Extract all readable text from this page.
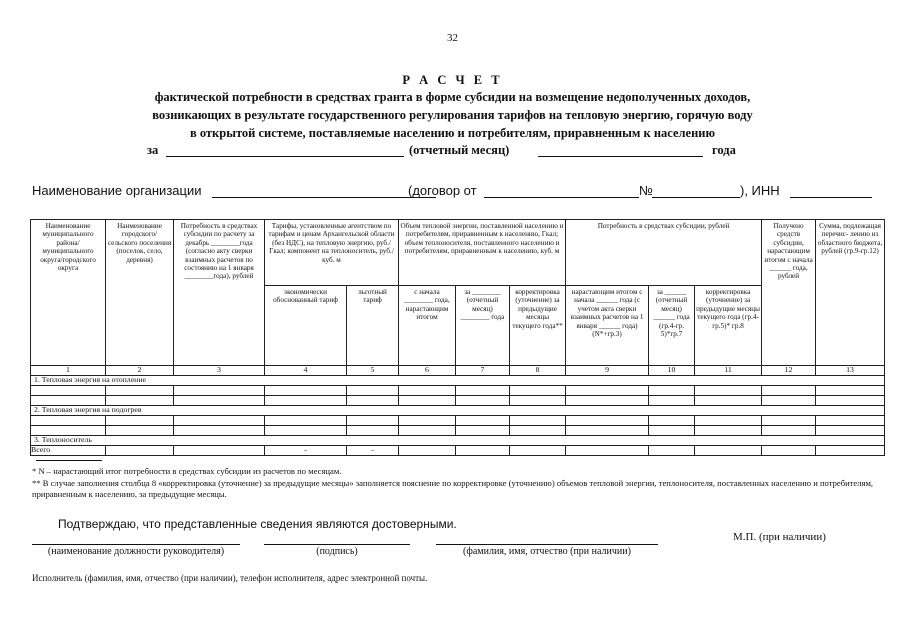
32
Р А С Ч Е Т
фактической потребности в средствах гранта в форме субсидии на возмещение недополученных доходов,
возникающих в результате государственного регулирования тарифов на тепловую энергию, горячую воду
в открытой системе, поставляемые населению и потребителям, приравненным к населению
за	(отчетный месяц)	года
Наименование организации	(договор от	№	), ИНН
Наименование муниципального района/ муниципального округа/городского округа	Наименование городского/ сельского поселения (поселок, село, деревня)	Потребность в средствах субсидии по расчету за декабрь ________года (согласно акту сверки взаимных расчетов по состоянию на 1 января ________года), рублей	Тарифы, установленные агентством по тарифам и ценам Архангельской области (без НДС), на тепловую энергию, руб./Гкал; компонент на теплоноситель, руб./куб. м		Объем тепловой энергии, поставленной населению и потребителям, приравненным к населению, Гкал; объем теплоносителя, поставленного населению и потребителям, приравненным к населению, куб. м			Потребность в средствах субсидии, рублей			Получено средств субсидии, нарастающим итогом с начала ______ года, рублей	Сумма, подлежащая перечис- лению из областного бюджета, рублей (гр.9-гр.12)
			экономически обоснованный тариф	льготный тариф	с начала ________ года, нарастающим итогом	за ________ (отчетный месяц) ________ года	корректировка (уточнение) за предыдущие месяцы текущего года**	нарастающим итогом с начала ______ года (с учетом акта сверки взаимных расчетов на 1 января ______ года) (N*+гр.3)	за ______ (отчетный месяц) ______ года (гр.4-гр. 5)*гр.7	корректировка (уточнение) за предыдущие месяцы текущего года (гр.4-гр.5)* гр.8		
1	2	3	4	5	6	7	8	9	10	11	12	13
1. Тепловая энергия на отопление												

2. Тепловая энергия на подогрев												

3. Теплоноситель												
Всего			-	-								
* N – нарастающий итог потребности в средствах субсидии из расчетов по месяцам.
** В случае заполнения столбца 8 «корректировка (уточнение) за предыдущие месяцы» заполняется пояснение по корректировке (уточнению) объемов тепловой энергии, теплоносителя, поставленных населению и потребителям, приравненным к населению, за предыдущие месяцы.
Подтверждаю, что представленные сведения являются достоверными.
М.П. (при наличии)
(наименование должности руководителя)	(подпись)	(фамилия, имя, отчество (при наличии)
Исполнитель (фамилия, имя, отчество (при наличии), телефон исполнителя, адрес электронной почты.
